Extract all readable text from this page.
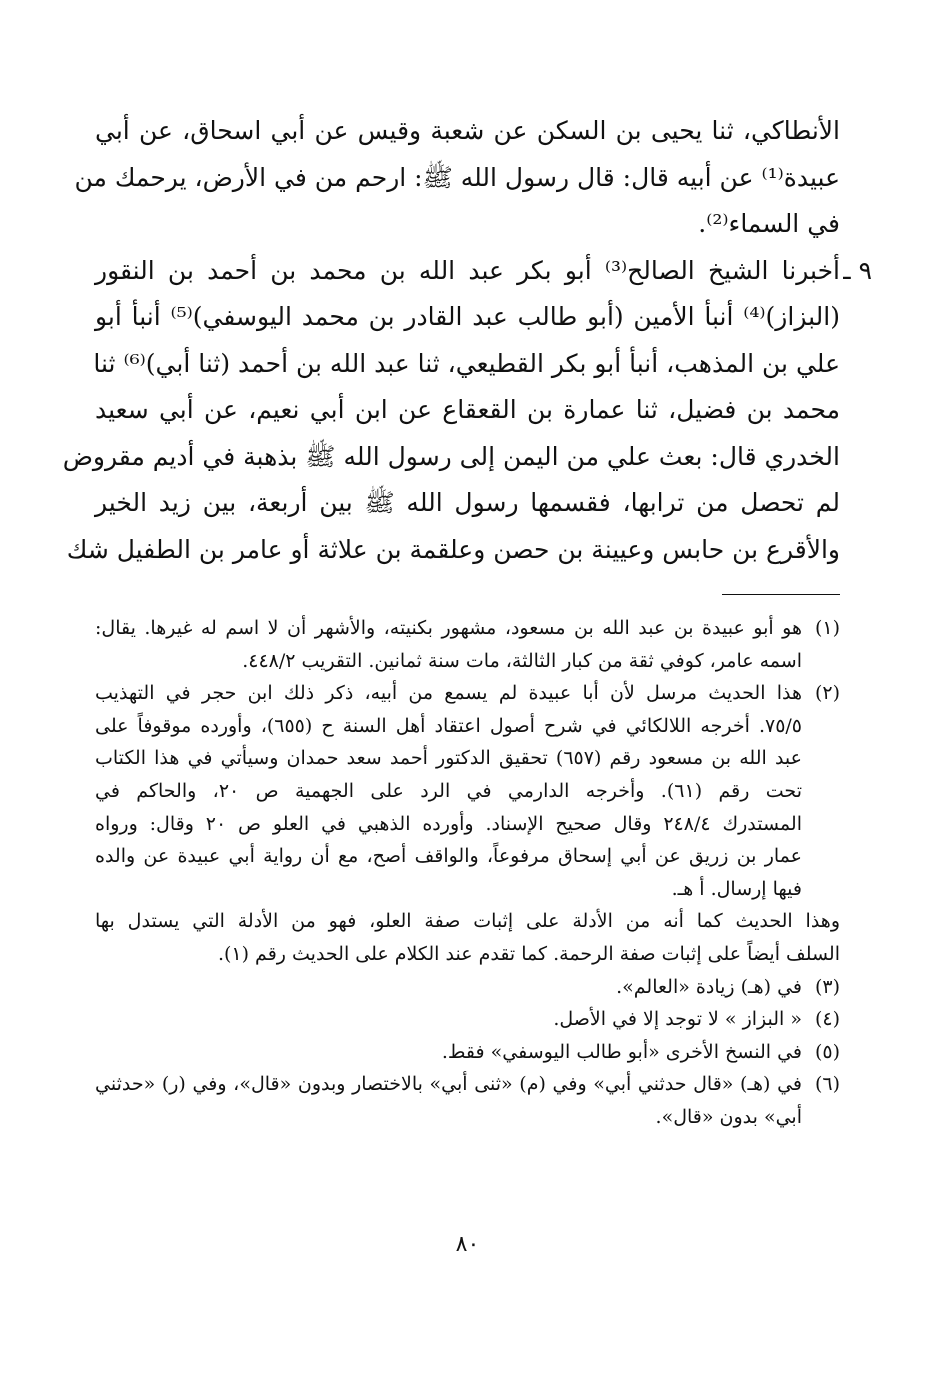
الأنطاكي، ثنا يحيى بن السكن عن شعبة وقيس عن أبي اسحاق، عن أبي
عبيدة⁽¹⁾ عن أبيه قال: قال رسول الله ﷺ: ارحم من في الأرض، يرحمك من
في السماء⁽²⁾.
٩ ـ
أخبرنا الشيخ الصالح⁽³⁾ أبو بكر عبد الله بن محمد بن أحمد بن النقور
(البزاز)⁽⁴⁾ أنبأ الأمين (أبو طالب عبد القادر بن محمد اليوسفي)⁽⁵⁾ أنبأ أبو
علي بن المذهب، أنبأ أبو بكر القطيعي، ثنا عبد الله بن أحمد (ثنا أبي)⁽⁶⁾ ثنا
محمد بن فضيل، ثنا عمارة بن القعقاع عن ابن أبي نعيم، عن أبي سعيد
الخدري قال: بعث علي من اليمن إلى رسول الله ﷺ بذهبة في أديم مقروض
لم تحصل من ترابها، فقسمها رسول الله ﷺ بين أربعة، بين زيد الخير
والأقرع بن حابس وعيينة بن حصن وعلقمة بن علاثة أو عامر بن الطفيل شك
(١)هو أبو عبيدة بن عبد الله بن مسعود، مشهور بكنيته، والأشهر أن لا اسم له غيرها. يقال:
اسمه عامر، كوفي ثقة من كبار الثالثة، مات سنة ثمانين. التقريب ٤٤٨/٢.
(٢)هذا الحديث مرسل لأن أبا عبيدة لم يسمع من أبيه، ذكر ذلك ابن حجر في التهذيب
٧٥/٥. أخرجه اللالكائي في شرح أصول اعتقاد أهل السنة ح (٦٥٥)، وأورده موقوفاً على
عبد الله بن مسعود رقم (٦٥٧) تحقيق الدكتور أحمد سعد حمدان وسيأتي في هذا الكتاب
تحت رقم (٦١). وأخرجه الدارمي في الرد على الجهمية ص ٢٠، والحاكم في
المستدرك ٢٤٨/٤ وقال صحيح الإسناد. وأورده الذهبي في العلو ص ٢٠ وقال: ورواه
عمار بن زريق عن أبي إسحاق مرفوعاً، والواقف أصح، مع أن رواية أبي عبيدة عن والده
فيها إرسال. أ هـ.
وهذا الحديث كما أنه من الأدلة على إثبات صفة العلو، فهو من الأدلة التي يستدل بها
السلف أيضاً على إثبات صفة الرحمة. كما تقدم عند الكلام على الحديث رقم (١).
(٣)في (هـ) زيادة «العالم».
(٤)« البزاز » لا توجد إلا في الأصل.
(٥)في النسخ الأخرى «أبو طالب اليوسفي» فقط.
(٦)في (هـ) «قال حدثني أبي» وفي (م) «ثنى أبي» بالاختصار وبدون «قال»، وفي (ر) «حدثني
أبي» بدون «قال».
٨٠
